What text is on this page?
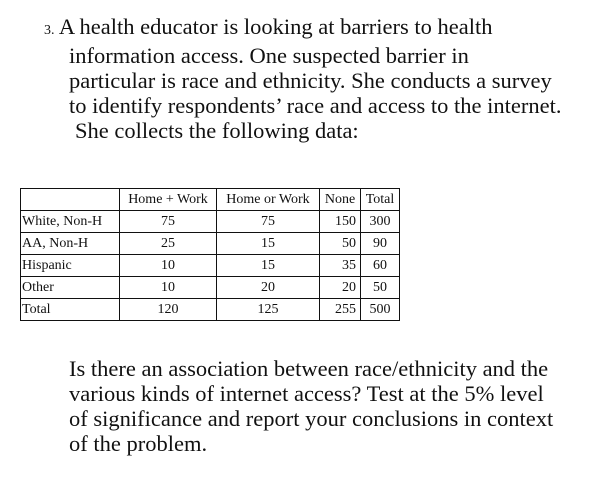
3. A health educator is looking at barriers to health
information access. One suspected barrier in
particular is race and ethnicity. She conducts a survey
to identify respondents’ race and access to the internet.
She collects the following data:
	Home + Work	Home or Work	None	Total
White, Non-H	75	75	150	300
AA, Non-H	25	15	50	90
Hispanic	10	15	35	60
Other	10	20	20	50
Total	120	125	255	500
Is there an association between race/ethnicity and the
various kinds of internet access? Test at the 5% level
of significance and report your conclusions in context
of the problem.
